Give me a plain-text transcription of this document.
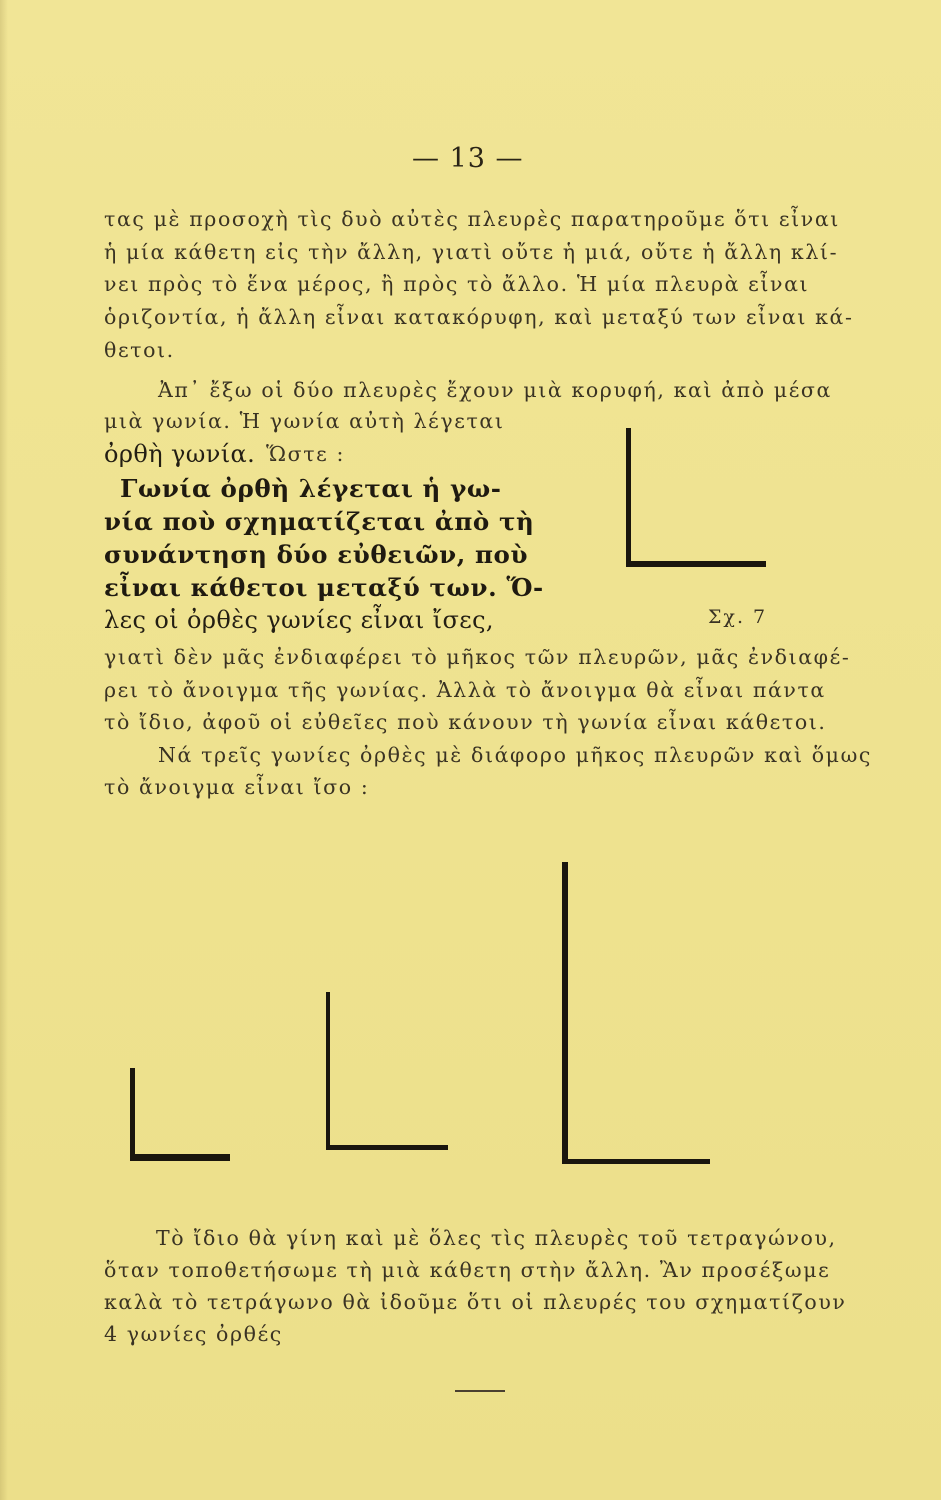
— 13 —
τας μὲ προσοχὴ τὶς δυὸ αὐτὲς πλευρὲς παρατηροῦμε ὅτι εἶναι
ἡ μία κάθετη εἰς τὴν ἄλλη, γιατὶ οὔτε ἡ μιά, οὔτε ἡ ἄλλη κλί-
νει πρὸς τὸ ἕνα μέρος, ἢ πρὸς τὸ ἄλλο. Ἡ μία πλευρὰ εἶναι
ὁριζοντία, ἡ ἄλλη εἶναι κατακόρυφη, καὶ μεταξύ των εἶναι κά-
θετοι.
Ἀπ᾽ ἔξω οἱ δύο πλευρὲς ἔχουν μιὰ κορυφή, καὶ ἀπὸ μέσα
μιὰ γωνία. Ἡ γωνία αὐτὴ λέγεται
ὀρθὴ γωνία. Ὥστε :
Γωνία ὀρθὴ λέγεται ἡ γω-
νία ποὺ σχηματίζεται ἀπὸ τὴ
συνάντηση δύο εὐθειῶν, ποὺ
εἶναι κάθετοι μεταξύ των. Ὅ-
λες οἱ ὀρθὲς γωνίες εἶναι ἴσες,	Σχ. 7
γιατὶ δὲν μᾶς ἐνδιαφέρει τὸ μῆκος τῶν πλευρῶν, μᾶς ἐνδιαφέ-
ρει τὸ ἄνοιγμα τῆς γωνίας. Ἀλλὰ τὸ ἄνοιγμα θὰ εἶναι πάντα
τὸ ἴδιο, ἀφοῦ οἱ εὐθεῖες ποὺ κάνουν τὴ γωνία εἶναι κάθετοι.
Νά τρεῖς γωνίες ὀρθὲς μὲ διάφορο μῆκος πλευρῶν καὶ ὅμως
τὸ ἄνοιγμα εἶναι ἴσο :
Τὸ ἴδιο θὰ γίνη καὶ μὲ ὅλες τὶς πλευρὲς τοῦ τετραγώνου,
ὅταν τοποθετήσωμε τὴ μιὰ κάθετη στὴν ἄλλη. Ἂν προσέξωμε
καλὰ τὸ τετράγωνο θὰ ἰδοῦμε ὅτι οἱ πλευρές του σχηματίζουν
4 γωνίες ὀρθές
